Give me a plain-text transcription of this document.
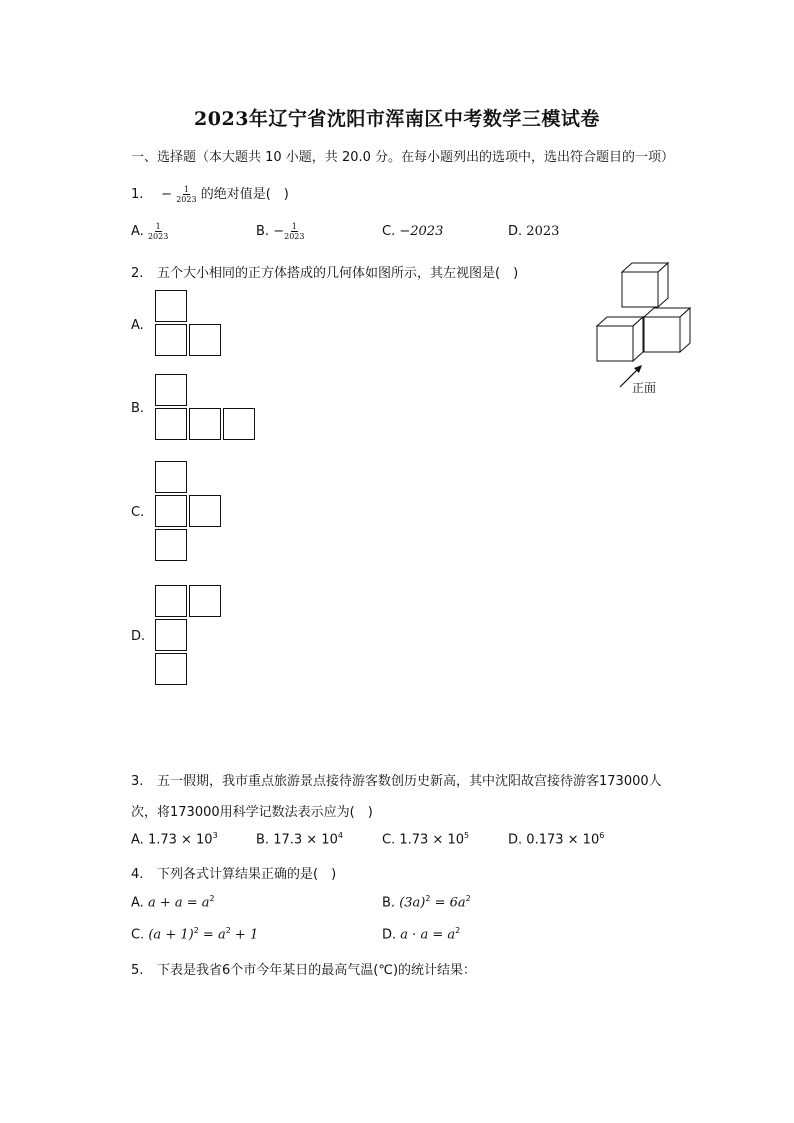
2023年辽宁省沈阳市浑南区中考数学三模试卷
一、选择题（本大题共 10 小题，共 20.0 分。在每小题列出的选项中，选出符合题目的一项）
1. − $\frac{1}{2023}$ 的绝对值是(　)
A. $\frac{1}{2023}$	B. − $\frac{1}{2023}$	C. −2023	D. 2023
2. 五个大小相同的正方体搭成的几何体如图所示，其左视图是(　)
正面
A.
B.
C.
D.
3. 五一假期，我市重点旅游景点接待游客数创历史新高，其中沈阳故宫接待游客173000人
次，将173000用科学记数法表示应为(　)
A. $1.73 \times 10^3$	B. $17.3 \times 10^4$	C. $1.73 \times 10^5$	D. $0.173 \times 10^6$
4. 下列各式计算结果正确的是(　)
A. $a + a = a^2$	B. $(3a)^2 = 6a^2$
C. $(a + 1)^2 = a^2 + 1$	D. $a \cdot a = a^2$
5. 下表是我省6个市今年某日的最高气温(℃)的统计结果：
